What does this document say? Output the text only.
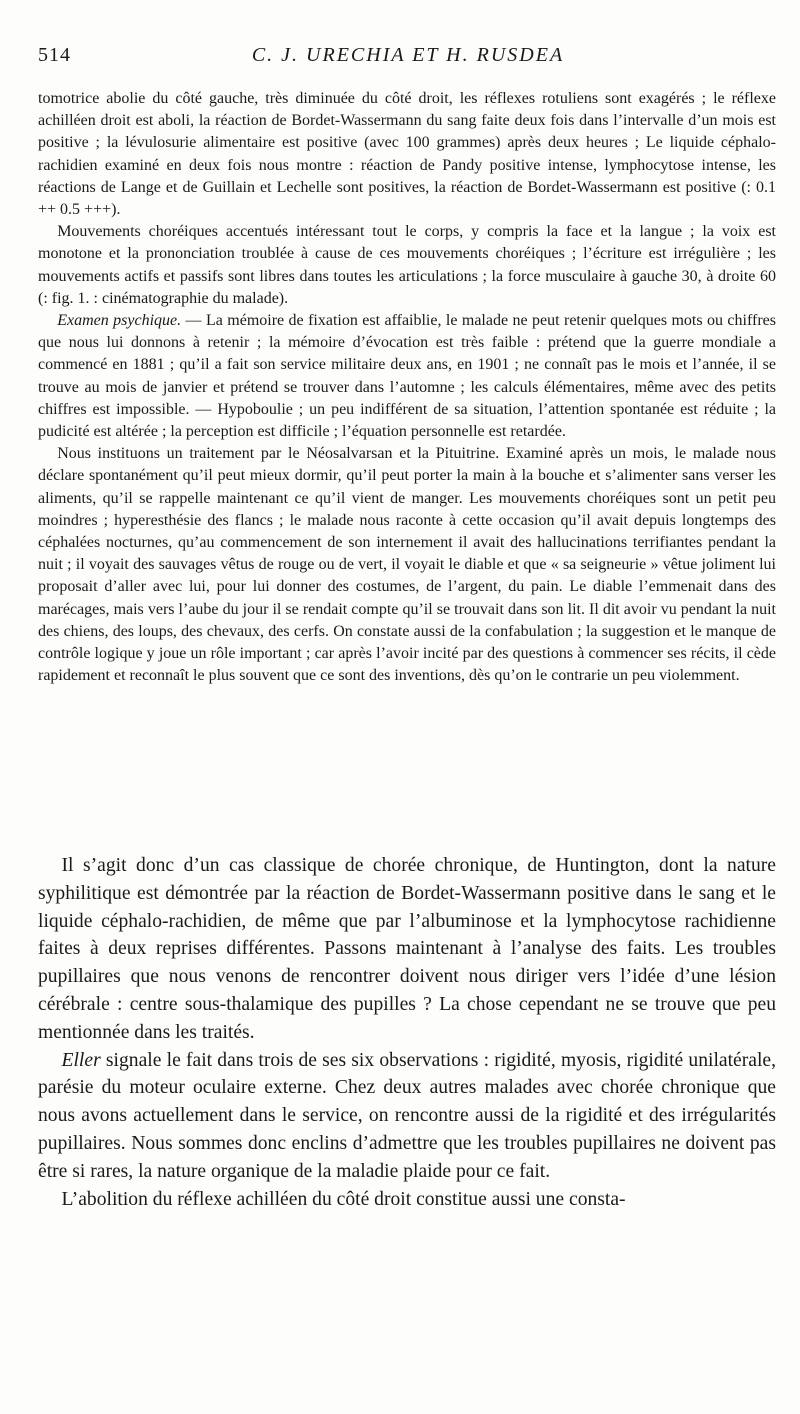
514	C. J. URECHIA ET H. RUSDEA

tomotrice abolie du côté gauche, très diminuée du côté droit, les réflexes rotuliens sont exagérés ; le réflexe achilléen droit est aboli, la réaction de Bordet-Wassermann du sang faite deux fois dans l’intervalle d’un mois est positive ; la lévulosurie alimentaire est positive (avec 100 grammes) après deux heures ; Le liquide céphalo-rachidien examiné en deux fois nous montre : réaction de Pandy positive intense, lymphocytose intense, les réactions de Lange et de Guillain et Lechelle sont positives, la réaction de Bordet-Wassermann est positive (: 0.1 ++ 0.5 +++).

Mouvements choréiques accentués intéressant tout le corps, y compris la face et la langue ; la voix est monotone et la prononciation troublée à cause de ces mouvements choréiques ; l’écriture est irrégulière ; les mouvements actifs et passifs sont libres dans toutes les articulations ; la force musculaire à gauche 30, à droite 60 (: fig. 1. : cinématographie du malade).

Examen psychique. — La mémoire de fixation est affaiblie, le malade ne peut retenir quelques mots ou chiffres que nous lui donnons à retenir ; la mémoire d’évocation est très faible : prétend que la guerre mondiale a commencé en 1881 ; qu’il a fait son service militaire deux ans, en 1901 ; ne connaît pas le mois et l’année, il se trouve au mois de janvier et prétend se trouver dans l’automne ; les calculs élémentaires, même avec des petits chiffres est impossible. — Hypoboulie ; un peu indifférent de sa situation, l’attention spontanée est réduite ; la pudicité est altérée ; la perception est difficile ; l’équation personnelle est retardée.

Nous instituons un traitement par le Néosalvarsan et la Pituitrine. Examiné après un mois, le malade nous déclare spontanément qu’il peut mieux dormir, qu’il peut porter la main à la bouche et s’alimenter sans verser les aliments, qu’il se rappelle maintenant ce qu’il vient de manger. Les mouvements choréiques sont un petit peu moindres ; hyperesthésie des flancs ; le malade nous raconte à cette occasion qu’il avait depuis longtemps des céphalées nocturnes, qu’au commencement de son internement il avait des hallucinations terrifiantes pendant la nuit ; il voyait des sauvages vêtus de rouge ou de vert, il voyait le diable et que « sa seigneurie » vêtue joliment lui proposait d’aller avec lui, pour lui donner des costumes, de l’argent, du pain. Le diable l’emmenait dans des marécages, mais vers l’aube du jour il se rendait compte qu’il se trouvait dans son lit. Il dit avoir vu pendant la nuit des chiens, des loups, des chevaux, des cerfs. On constate aussi de la confabulation ; la suggestion et le manque de contrôle logique y joue un rôle important ; car après l’avoir incité par des questions à commencer ses récits, il cède rapidement et reconnaît le plus souvent que ce sont des inventions, dès qu’on le contrarie un peu violemment.

Il s’agit donc d’un cas classique de chorée chronique, de Huntington, dont la nature syphilitique est démontrée par la réaction de Bordet-Wassermann positive dans le sang et le liquide céphalo-rachidien, de même que par l’albuminose et la lymphocytose rachidienne faites à deux reprises différentes. Passons maintenant à l’analyse des faits. Les troubles pupillaires que nous venons de rencontrer doivent nous diriger vers l’idée d’une lésion cérébrale : centre sous-thalamique des pupilles ? La chose cependant ne se trouve que peu mentionnée dans les traités.

Eller signale le fait dans trois de ses six observations : rigidité, myosis, rigidité unilatérale, parésie du moteur oculaire externe. Chez deux autres malades avec chorée chronique que nous avons actuellement dans le service, on rencontre aussi de la rigidité et des irrégularités pupillaires. Nous sommes donc enclins d’admettre que les troubles pupillaires ne doivent pas être si rares, la nature organique de la maladie plaide pour ce fait.

L’abolition du réflexe achilléen du côté droit constitue aussi une consta-
